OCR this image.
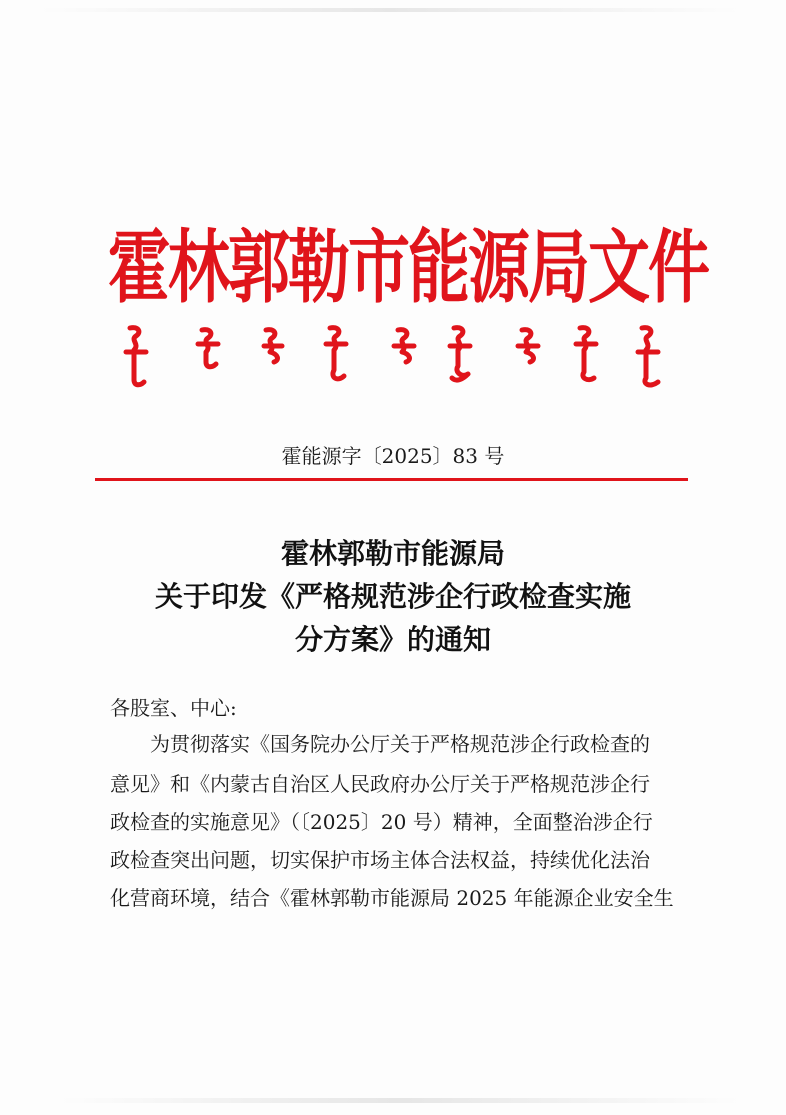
霍林郭勒市能源局文件
霍能源字〔2025〕83 号
霍林郭勒市能源局
关于印发《严格规范涉企行政检查实施
分方案》的通知
各股室、中心:
　　为贯彻落实《国务院办公厅关于严格规范涉企行政检查的
意见》和《内蒙古自治区人民政府办公厅关于严格规范涉企行
政检查的实施意见》（〔2025〕20 号）精神，全面整治涉企行
政检查突出问题，切实保护市场主体合法权益，持续优化法治
化营商环境，结合《霍林郭勒市能源局 2025 年能源企业安全生
